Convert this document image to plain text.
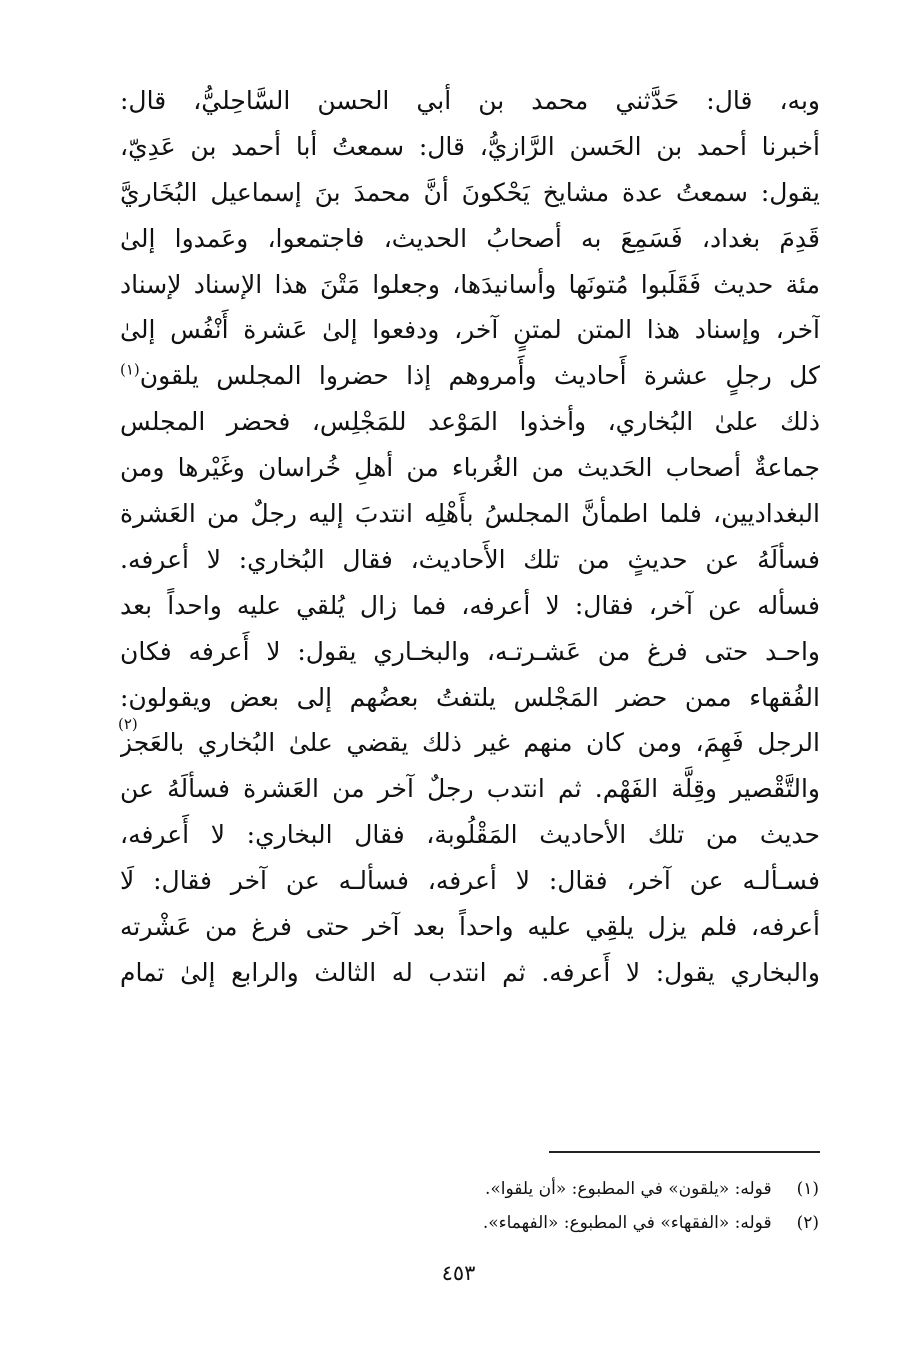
وبه، قال: حَدَّثني محمد بن أبي الحسن السَّاحِليُّ، قال:
أخبرنا أحمد بن الحَسن الرَّازيُّ، قال: سمعتُ أبا أحمد بن عَدِيّ،
يقول: سمعتُ عدة مشايخ يَحْكونَ أنَّ محمدَ بنَ إسماعيل البُخَاريَّ
قَدِمَ بغداد، فَسَمِعَ به أصحابُ الحديث، فاجتمعوا، وعَمدوا إلىٰ
مئة حديث فَقَلَبوا مُتونَها وأسانيدَها، وجعلوا مَتْنَ هذا الإسناد لإسناد
آخر، وإسناد هذا المتن لمتنٍ آخر، ودفعوا إلىٰ عَشرة أَنْفُس إلىٰ
كل رجلٍ عشرة أَحاديث وأَمروهم إذا حضروا المجلس يلقون$^{(١)}$
ذلك علىٰ البُخاري، وأخذوا المَوْعد للمَجْلِس، فحضر المجلس
جماعةٌ أصحاب الحَديث من الغُرباء من أهلِ خُراسان وغَيْرها ومن
البغداديين، فلما اطمأنَّ المجلسُ بأَهْلِه انتدبَ إليه رجلٌ من العَشرة
فسألَهُ عن حديثٍ من تلك الأَحاديث، فقال البُخاري: لا أعرفه.
فسأله عن آخر، فقال: لا أعرفه، فما زال يُلقي عليه واحداً بعد
واحـد حتى فرغ من عَشـرتـه، والبخـاري يقول: لا أَعرفه فكان
الفُقهاء ممن حضر المَجْلس يلتفتُ بعضُهم إلى بعض ويقولون:
الرجل فَهِمَ، ومن كان منهم غير ذلك يقضي علىٰ البُخاري بالعَجز
والتَّقْصير وقِلَّة الفَهْم. ثم انتدب رجلٌ آخر من العَشرة فسألَهُ عن
حديث من تلك الأحاديث المَقْلُوبة، فقال البخاري: لا أَعرفه،
فسـألـه عن آخر، فقال: لا أعرفه، فسألـه عن آخر فقال: لَا
أعرفه، فلم يزل يلقِي عليه واحداً بعد آخر حتى فرغ من عَشْرته
والبخاري يقول: لا أَعرفه. ثم انتدب له الثالث والرابع إلىٰ تمام
(٢)
(١) قوله: «يلقون» في المطبوع: «أن يلقوا».
(٢) قوله: «الفقهاء» في المطبوع: «الفهماء».
٤٥٣
